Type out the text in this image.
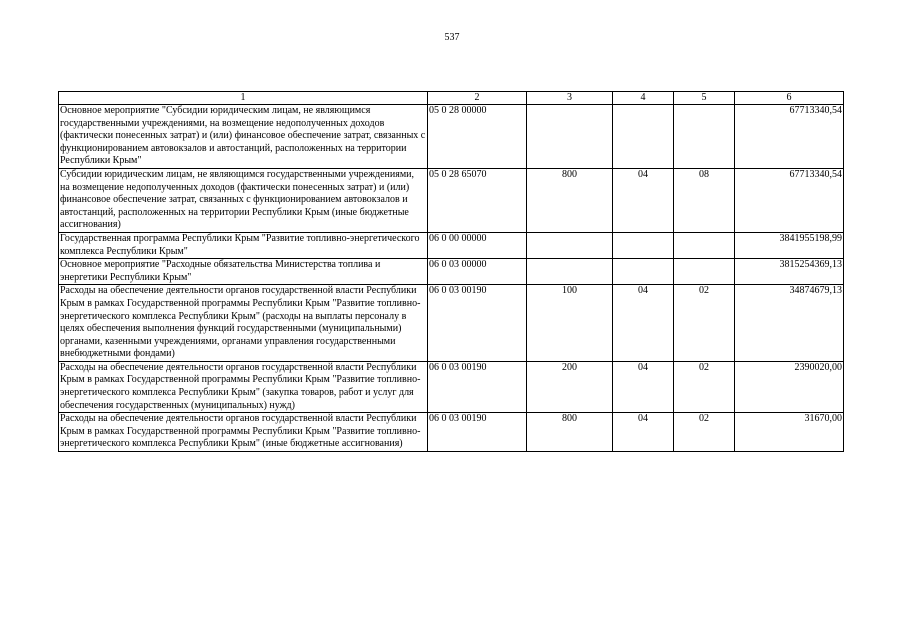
537
1	2	3	4	5	6
Основное мероприятие "Субсидии юридическим лицам, не являющимся государственными учреждениями, на возмещение недополученных доходов (фактически понесенных затрат) и (или) финансовое обеспечение затрат, связанных с функционированием автовокзалов и автостанций, расположенных на территории Республики Крым"	05 0 28 00000				67713340,54
Субсидии юридическим лицам, не являющимся государственными учреждениями, на возмещение недополученных доходов (фактически понесенных затрат) и (или) финансовое обеспечение затрат, связанных с функционированием автовокзалов и автостанций, расположенных на территории Республики Крым (иные бюджетные ассигнования)	05 0 28 65070	800	04	08	67713340,54
Государственная программа Республики Крым "Развитие топливно-энергетического комплекса Республики Крым"	06 0 00 00000				3841955198,99
Основное мероприятие "Расходные обязательства Министерства топлива и энергетики Республики Крым"	06 0 03 00000				3815254369,13
Расходы на обеспечение деятельности органов государственной власти Республики Крым в рамках Государственной программы Республики Крым "Развитие топливно-энергетического комплекса Республики Крым" (расходы на выплаты персоналу в целях обеспечения выполнения функций государственными (муниципальными) органами, казенными учреждениями, органами управления государственными внебюджетными фондами)	06 0 03 00190	100	04	02	34874679,13
Расходы на обеспечение деятельности органов государственной власти Республики Крым в рамках Государственной программы Республики Крым "Развитие топливно-энергетического комплекса Республики Крым" (закупка товаров, работ и услуг для обеспечения государственных (муниципальных) нужд)	06 0 03 00190	200	04	02	2390020,00
Расходы на обеспечение деятельности органов государственной власти Республики Крым в рамках Государственной программы Республики Крым "Развитие топливно-энергетического комплекса Республики Крым" (иные бюджетные ассигнования)	06 0 03 00190	800	04	02	31670,00
